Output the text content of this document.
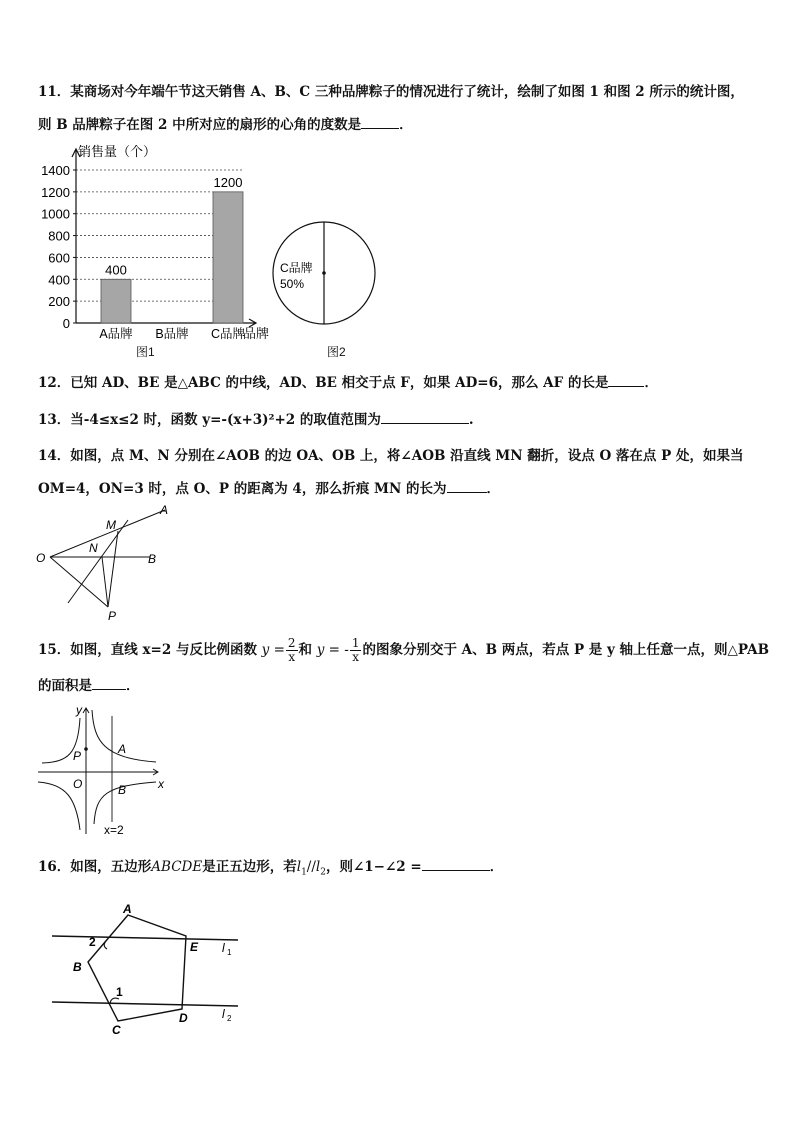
11．某商场对今年端午节这天销售 A、B、C 三种品牌粽子的情况进行了统计，绘制了如图 1 和图 2 所示的统计图，
则 B 品牌粽子在图 2 中所对应的扇形的心角的度数是	．
销售量（个）
品牌
0
200
400
600
800
1000
1200
1400
400
A品牌 B品牌
1200
C品牌
图1
C品牌
50%
图2
12．已知 AD、BE 是△ABC 的中线，AD、BE 相交于点 F，如果 AD=6，那么 AF 的长是	．
13．当-4≤x≤2 时，函数 y=-(x+3)²+2 的取值范围为	.
14．如图，点 M、N 分别在∠AOB 的边 OA、OB 上，将∠AOB 沿直线 MN 翻折，设点 O 落在点 P 处，如果当
OM=4，ON=3 时，点 O、P 的距离为 4，那么折痕 MN 的长为	．
A
O	B
M
N
P
15．如图，直线 x=2 与反比例函数 $y = \frac{2}{x}$ 和 y = - $\frac{1}{x}$ 的图象分别交于 A、B 两点，若点 P 是 y 轴上任意一点，则△PAB
的面积是	．
y
x
O
P	A
B
x=2
16．如图，五边形ABCDE是正五边形，若$l_1//l_2$，则∠1−∠2 =	．
A
E
B
C
D
2
1
l 1
l 2
